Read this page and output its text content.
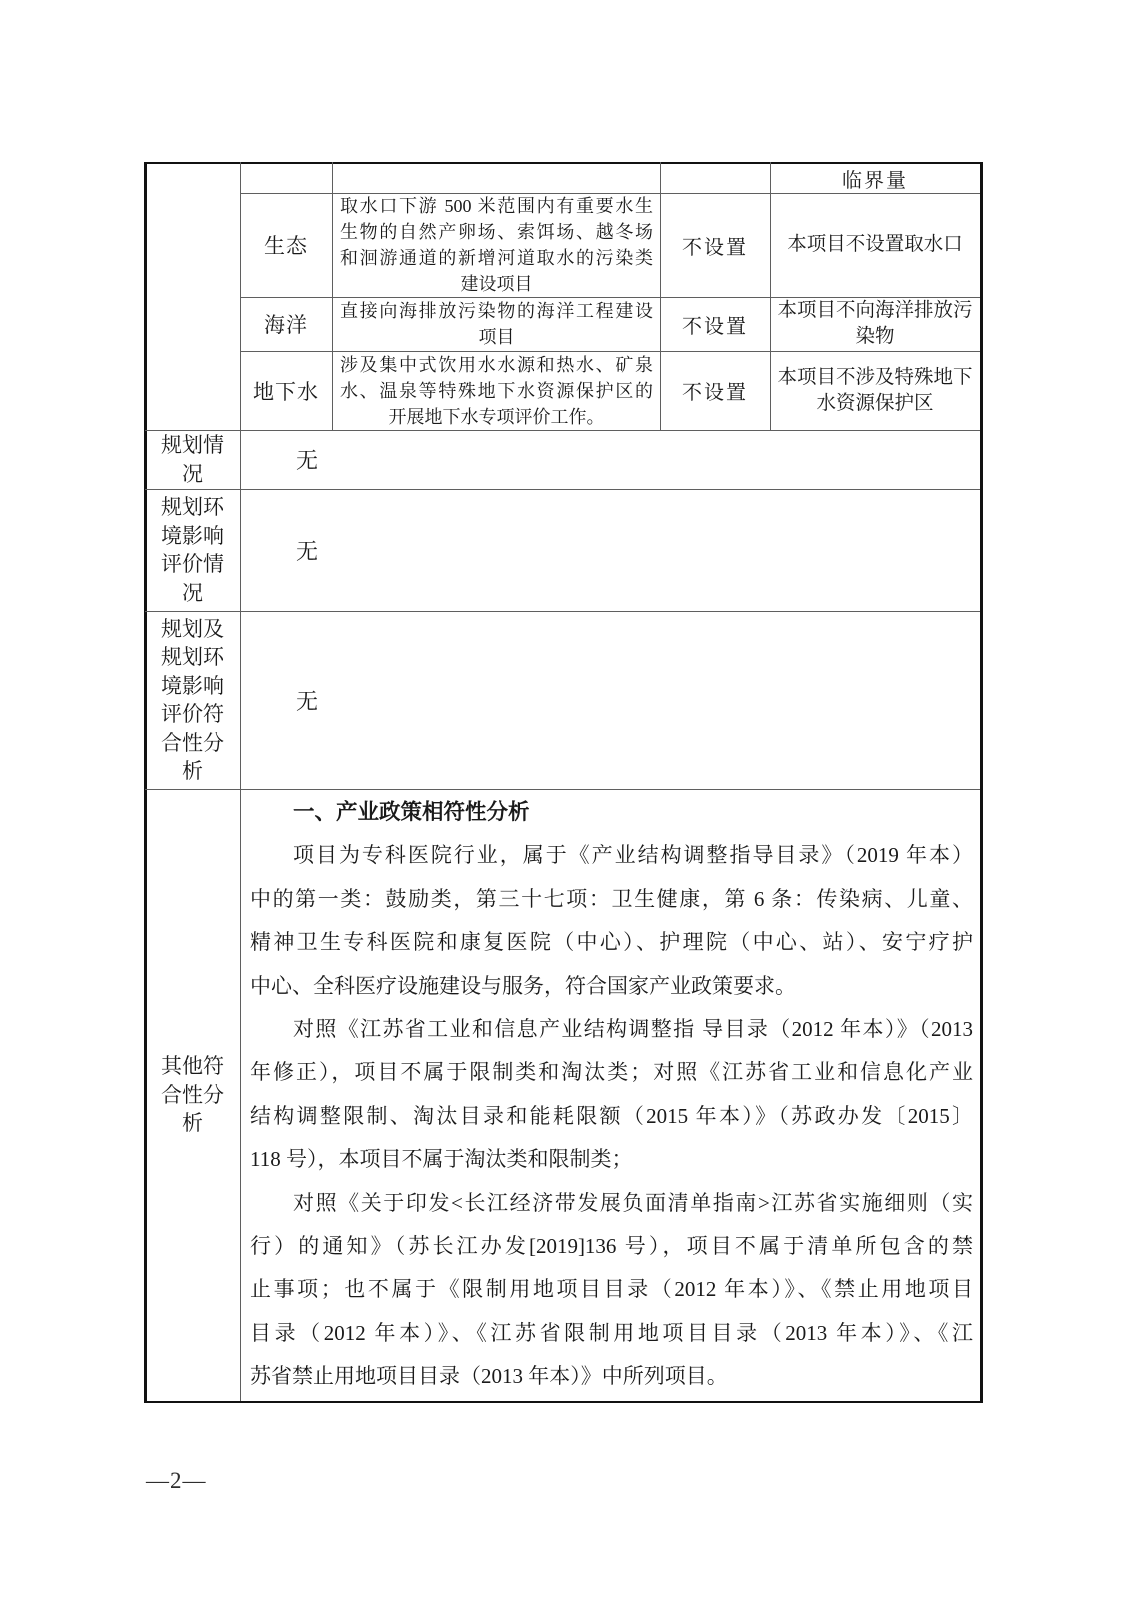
临界量
生态
取水口下游 500 米范围内有重要水生
生物的自然产卵场、索饵场、越冬场
和洄游通道的新增河道取水的污染类
建设项目
不设置	本项目不设置取水口
海洋
直接向海排放污染物的海洋工程建设
项目	不设置
本项目不向海洋排放污
染物
地下水
涉及集中式饮用水水源和热水、矿泉
水、温泉等特殊地下水资源保护区的
开展地下水专项评价工作。
不设置
本项目不涉及特殊地下
水资源保护区
规划情况
无
规划环境影响评价情况
无
规划及规划环境影响评价符合性分析
无
其他符合性分析
一、产业政策相符性分析
项目为专科医院行业，属于《产业结构调整指导目录》（2019 年本）
中的第一类：鼓励类，第三十七项：卫生健康，第 6 条：传染病、儿童、
精神卫生专科医院和康复医院（中心）、护理院（中心、站）、安宁疗护
中心、全科医疗设施建设与服务，符合国家产业政策要求。
对照《江苏省工业和信息产业结构调整指 导目录（2012 年本）》（2013
年修正），项目不属于限制类和淘汰类；对照《江苏省工业和信息化产业
结构调整限制、淘汰目录和能耗限额（2015 年本）》（苏政办发〔2015〕
118 号），本项目不属于淘汰类和限制类；
对照《关于印发<长江经济带发展负面清单指南>江苏省实施细则（实
行）的通知》（苏长江办发[2019]136 号），项目不属于清单所包含的禁
止事项；也不属于《限制用地项目目录（2012 年本）》、《禁止用地项目
目录（2012 年本）》、《江苏省限制用地项目目录（2013 年本）》、《江
苏省禁止用地项目目录（2013 年本）》中所列项目。
—2—
